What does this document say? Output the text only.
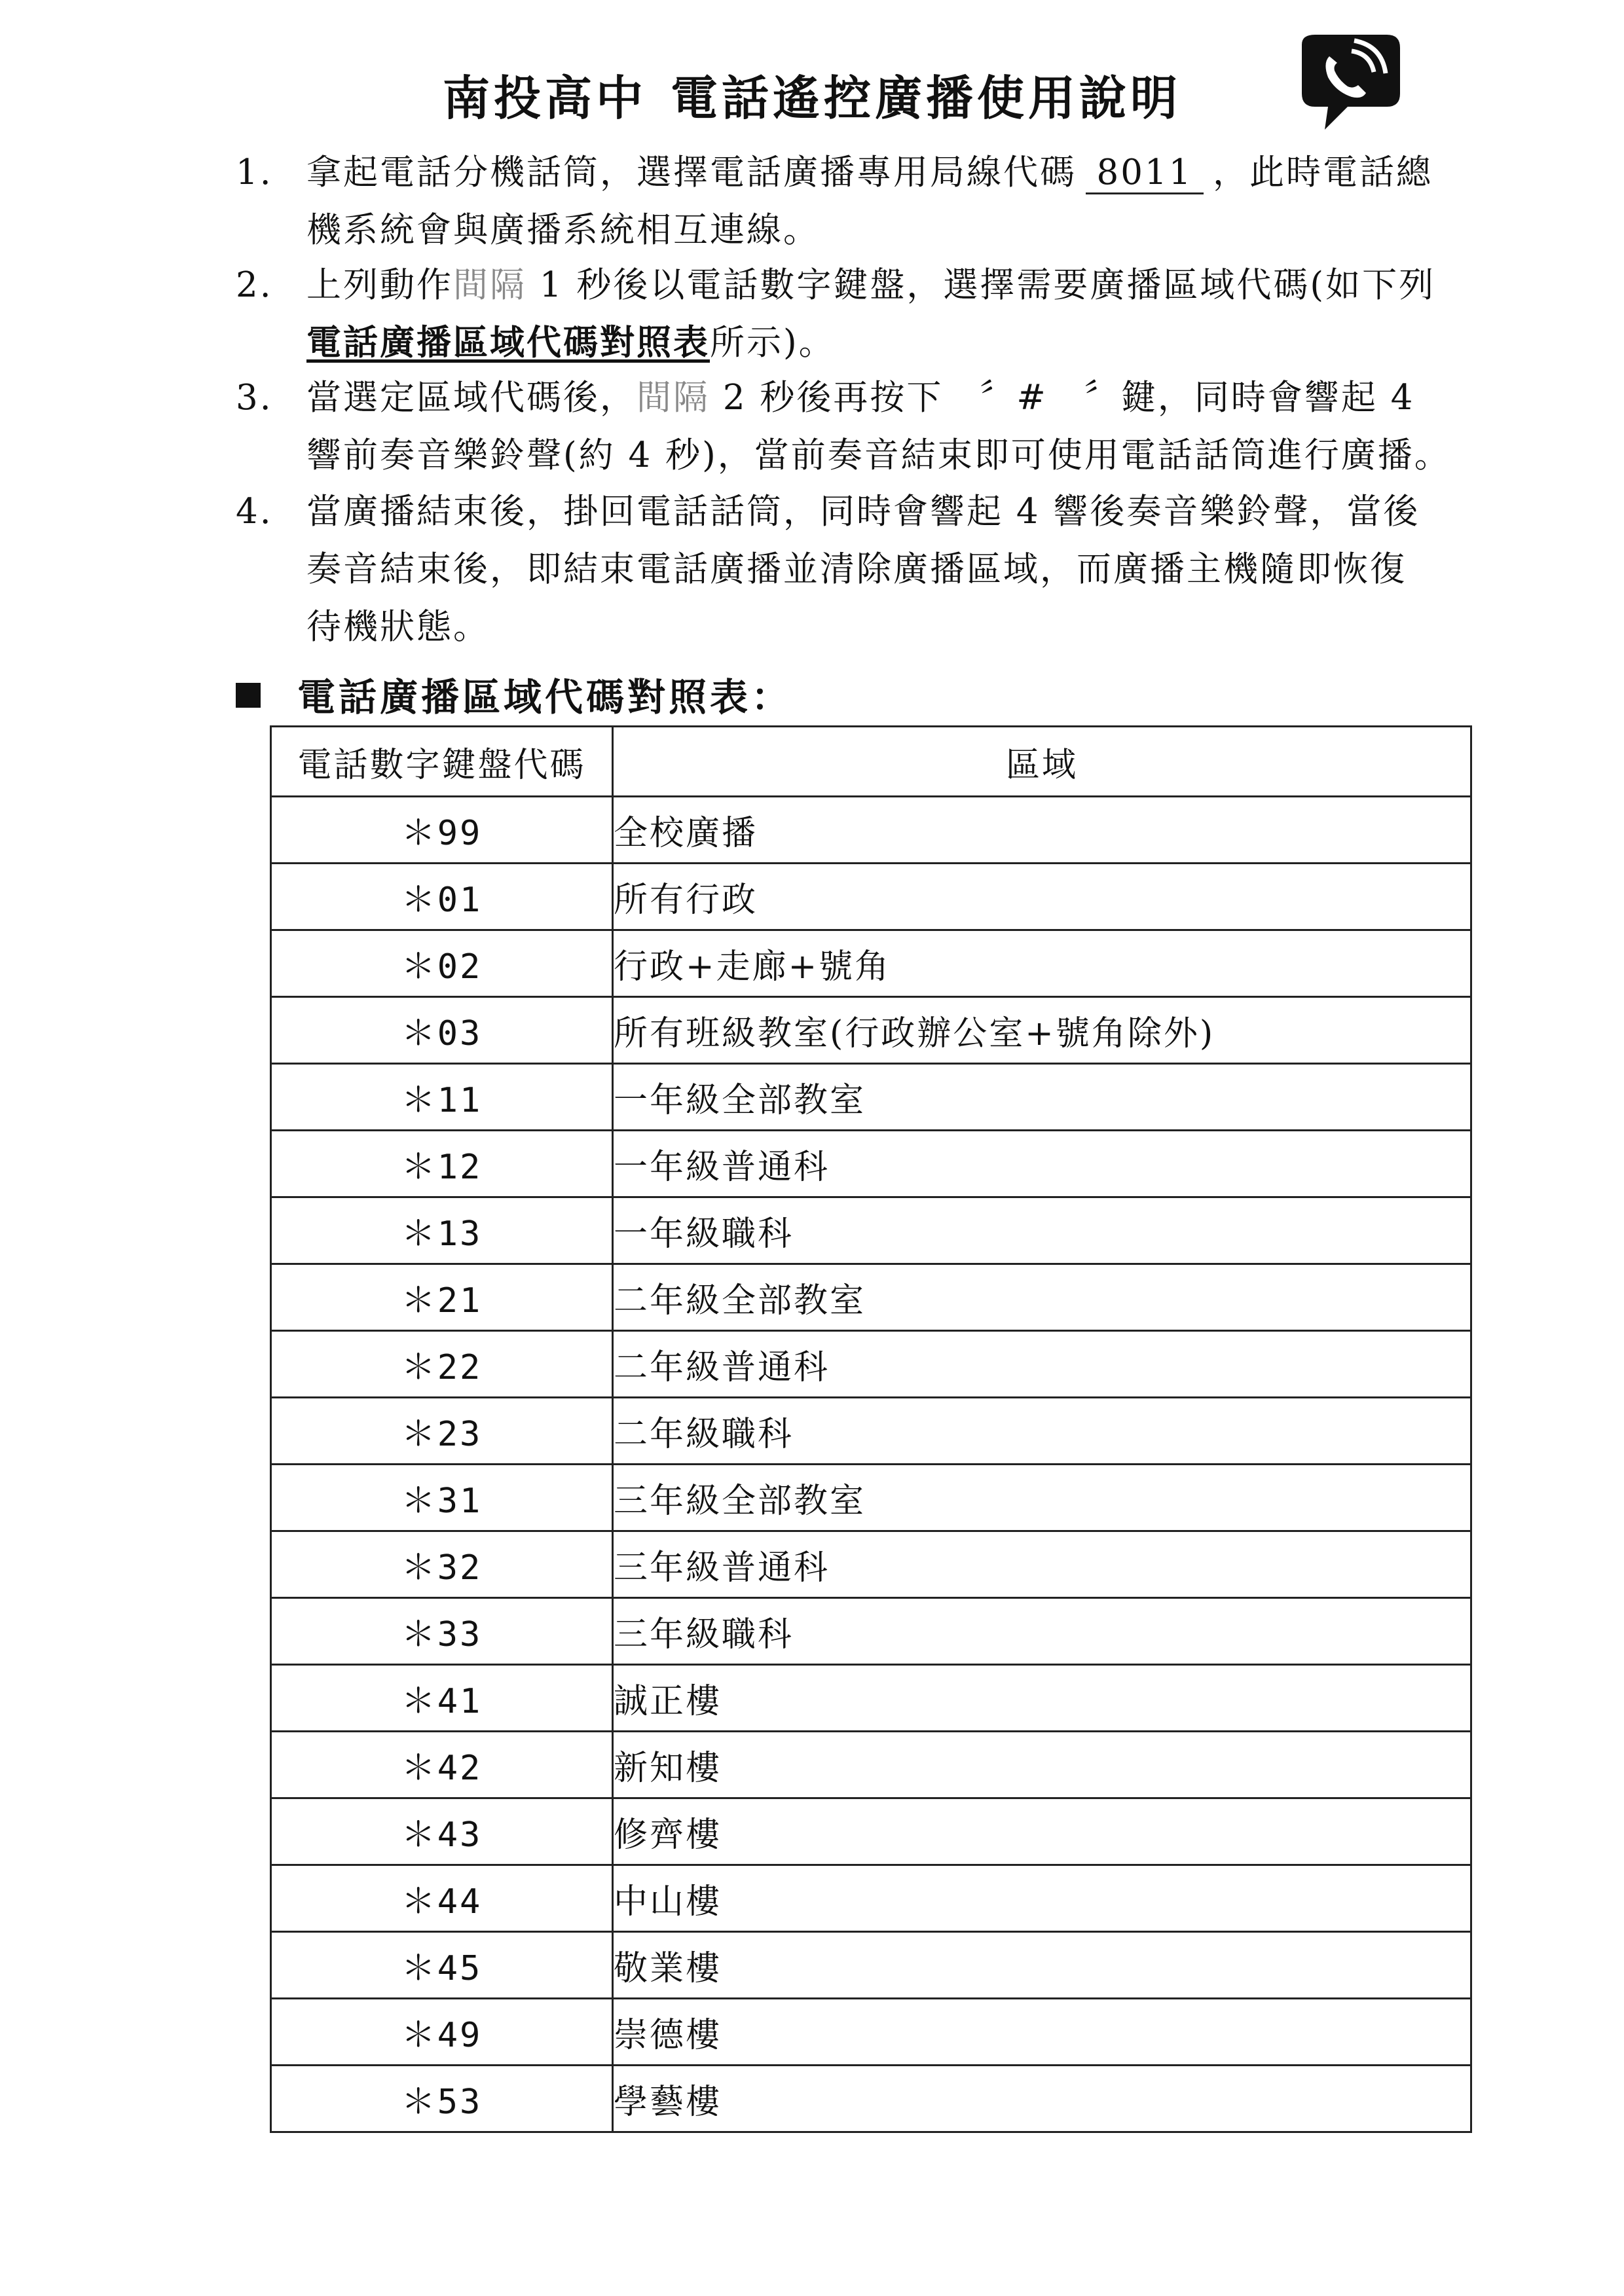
南投高中 電話遙控廣播使用說明
1. 拿起電話分機話筒，選擇電話廣播專用局線代碼 8011 ，此時電話總
機系統會與廣播系統相互連線。
2. 上列動作間隔 1 秒後以電話數字鍵盤，選擇需要廣播區域代碼(如下列
電話廣播區域代碼對照表所示)。
3. 當選定區域代碼後，間隔 2 秒後再按下　〞#　〞鍵，同時會響起 4
響前奏音樂鈴聲(約 4 秒)，當前奏音結束即可使用電話話筒進行廣播。
4. 當廣播結束後，掛回電話話筒，同時會響起 4 響後奏音樂鈴聲，當後
奏音結束後，即結束電話廣播並清除廣播區域，而廣播主機隨即恢復
待機狀態。
電話廣播區域代碼對照表：
電話數字鍵盤代碼	區域
＊99	全校廣播
＊01	所有行政
＊02	行政+走廊+號角
＊03	所有班級教室(行政辦公室+號角除外)
＊11	一年級全部教室
＊12	一年級普通科
＊13	一年級職科
＊21	二年級全部教室
＊22	二年級普通科
＊23	二年級職科
＊31	三年級全部教室
＊32	三年級普通科
＊33	三年級職科
＊41	誠正樓
＊42	新知樓
＊43	修齊樓
＊44	中山樓
＊45	敬業樓
＊49	崇德樓
＊53	學藝樓
